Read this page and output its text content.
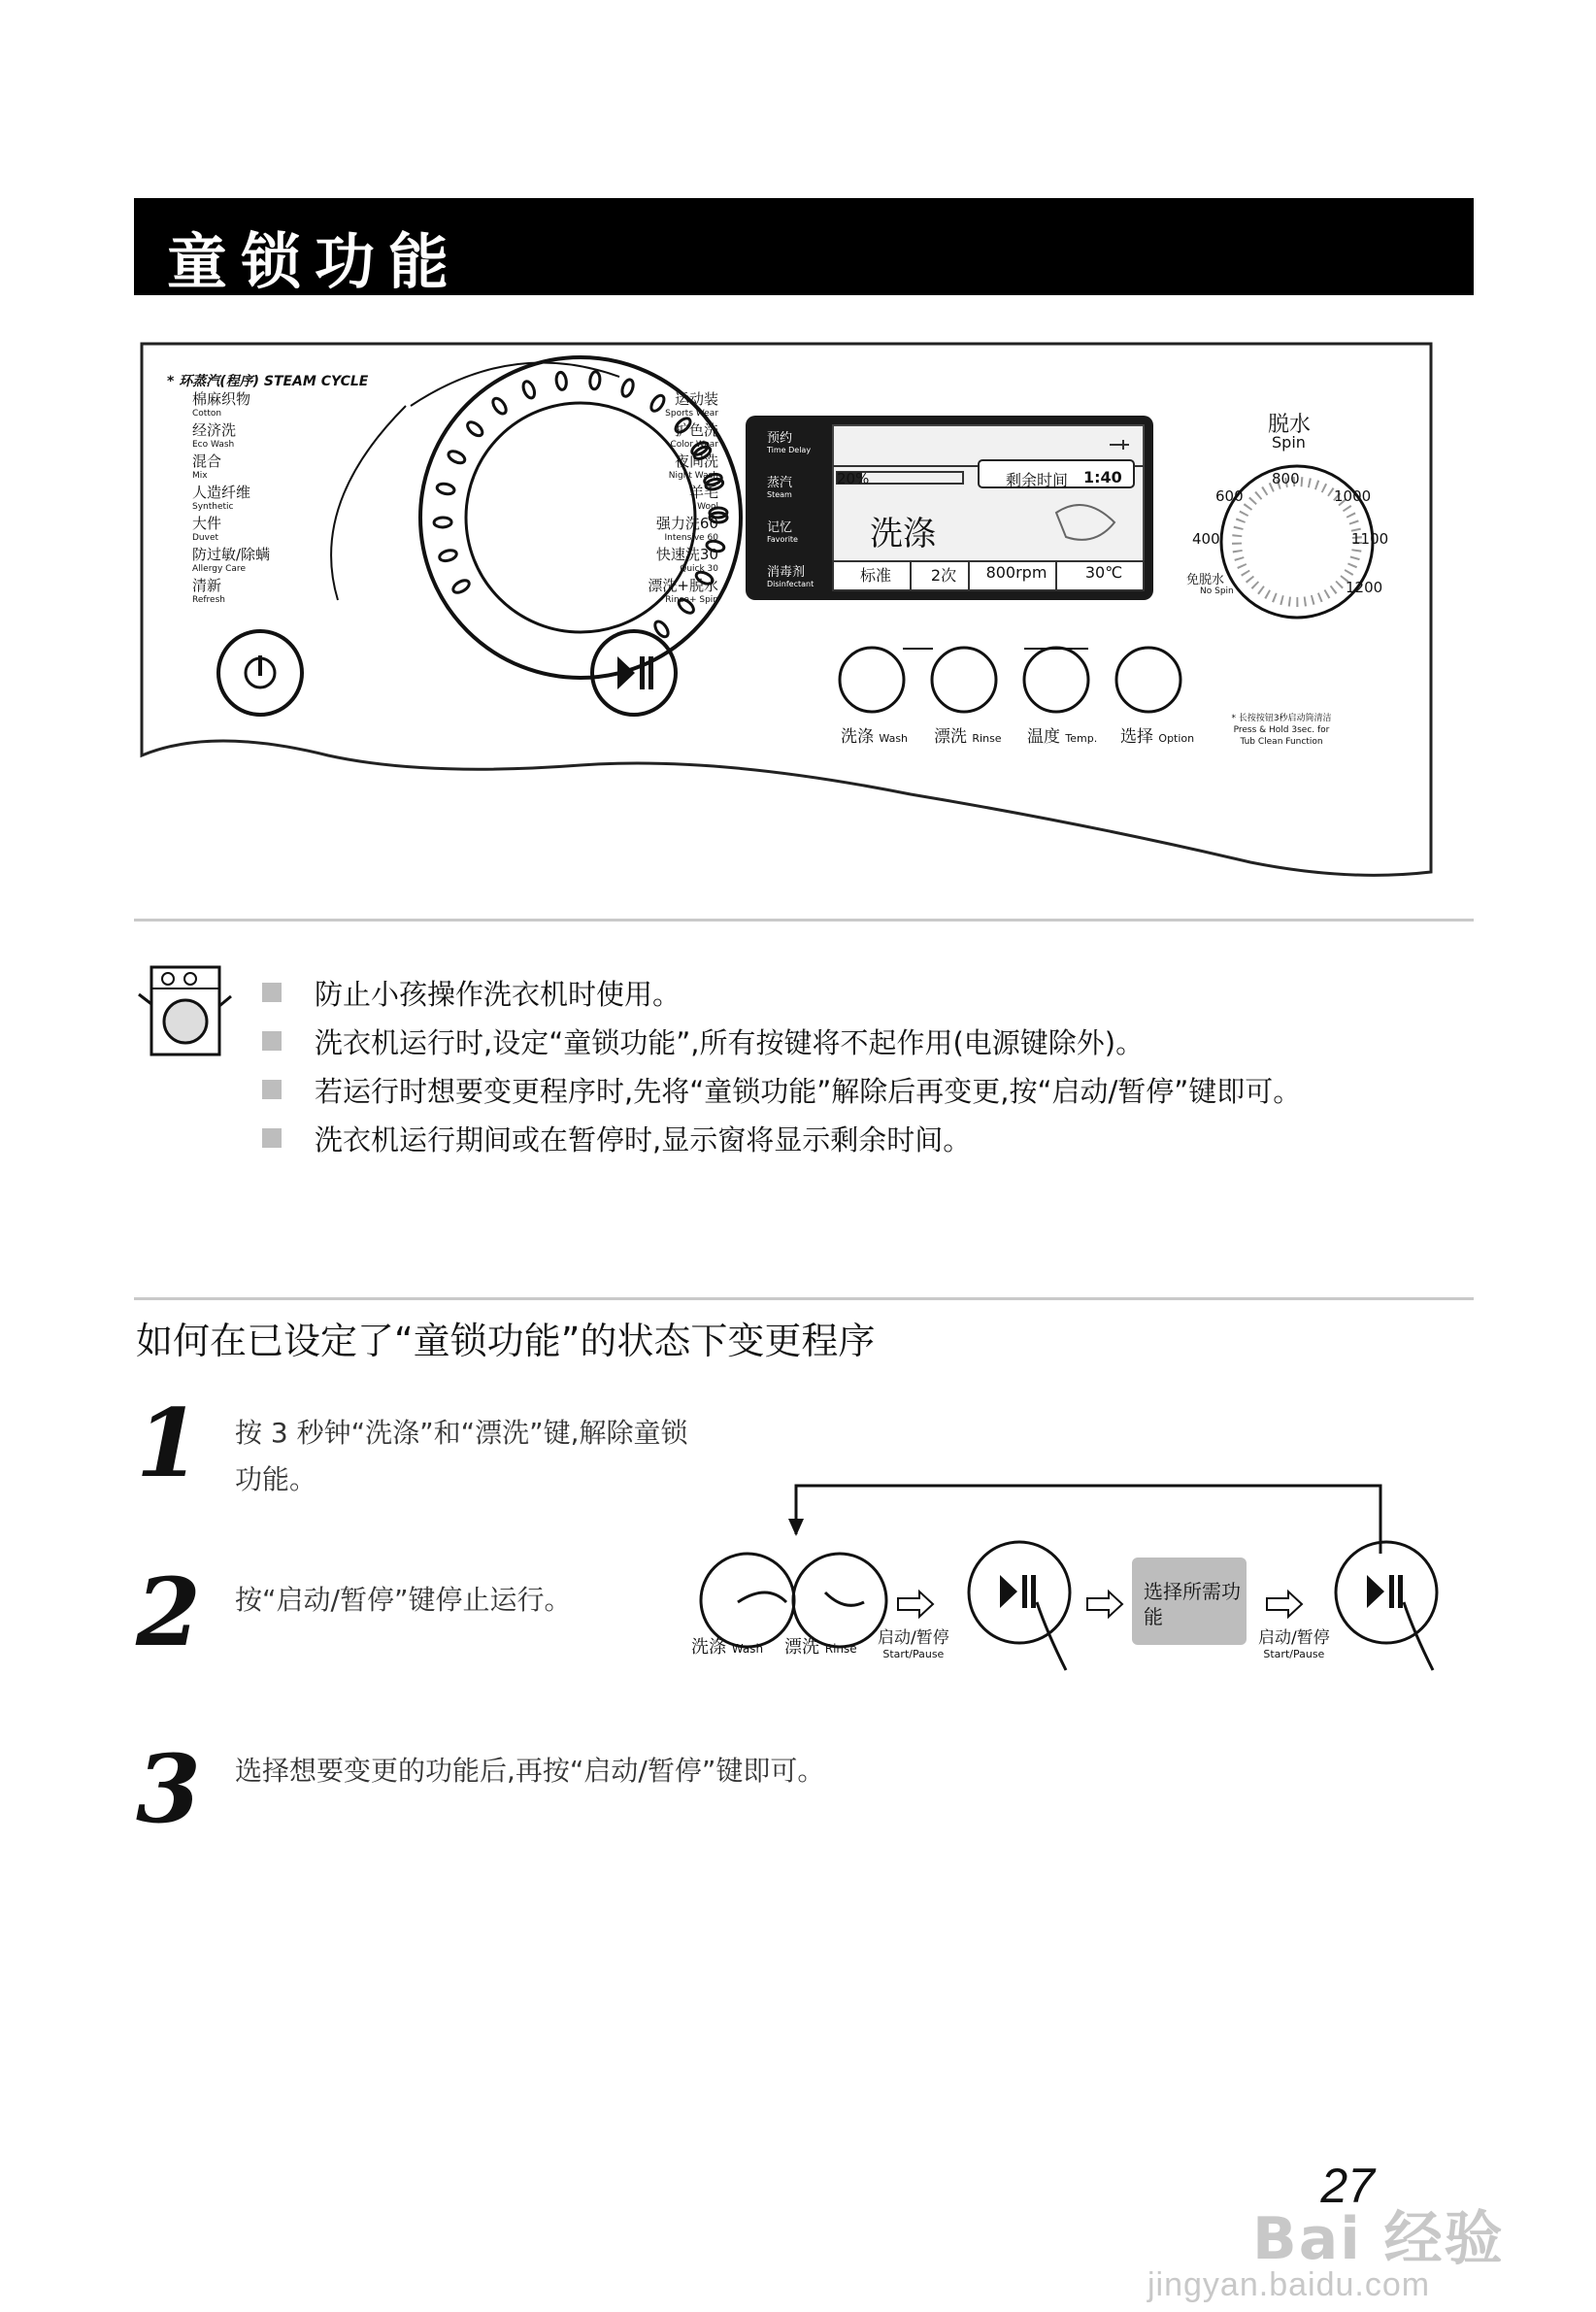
童锁功能
* 环蒸汽(程序) STEAM CYCLE
棉麻织物
Cotton
经济洗
Eco Wash
混合
Mix
人造纤维
Synthetic
大件
Duvet
防过敏/除螨
Allergy Care
清新
Refresh
运动装
Sports Wear
扩色洗
Color Wear
夜间洗
Night Wash
羊毛
Wool
强力洗60
Intensive 60
快速洗30
Quick 30
漂洗+脱水
Rinse+ Spin
预约
Time Delay
蒸汽
Steam
记忆
Favorite
消毒剂
Disinfectant
20%	剩余时间 1:40
洗涤
标准	2次	800rpm	30℃
脱水
Spin
600
800
1000
400	1100
1200
免脱水
No Spin
洗涤 Wash	漂洗 Rinse	温度 Temp.	选择 Option
* 长按按钮3秒启动筒清洁
Press & Hold 3sec. for
Tub Clean Function
防止小孩操作洗衣机时使用。
洗衣机运行时,设定“童锁功能”,所有按键将不起作用(电源键除外)。
若运行时想要变更程序时,先将“童锁功能”解除后再变更,按“启动/暂停”键即可。
洗衣机运行期间或在暂停时,显示窗将显示剩余时间。
如何在已设定了“童锁功能”的状态下变更程序
1 按 3 秒钟“洗涤”和“漂洗”键,解除童锁
功能。
2 按“启动/暂停”键停止运行。
3 选择想要变更的功能后,再按“启动/暂停”键即可。
洗涤 Wash 漂洗 Rinse
启动/暂停
Start/Pause
选择所需功能
启动/暂停
Start/Pause
27
Bai 经验
jingyan.baidu.com
